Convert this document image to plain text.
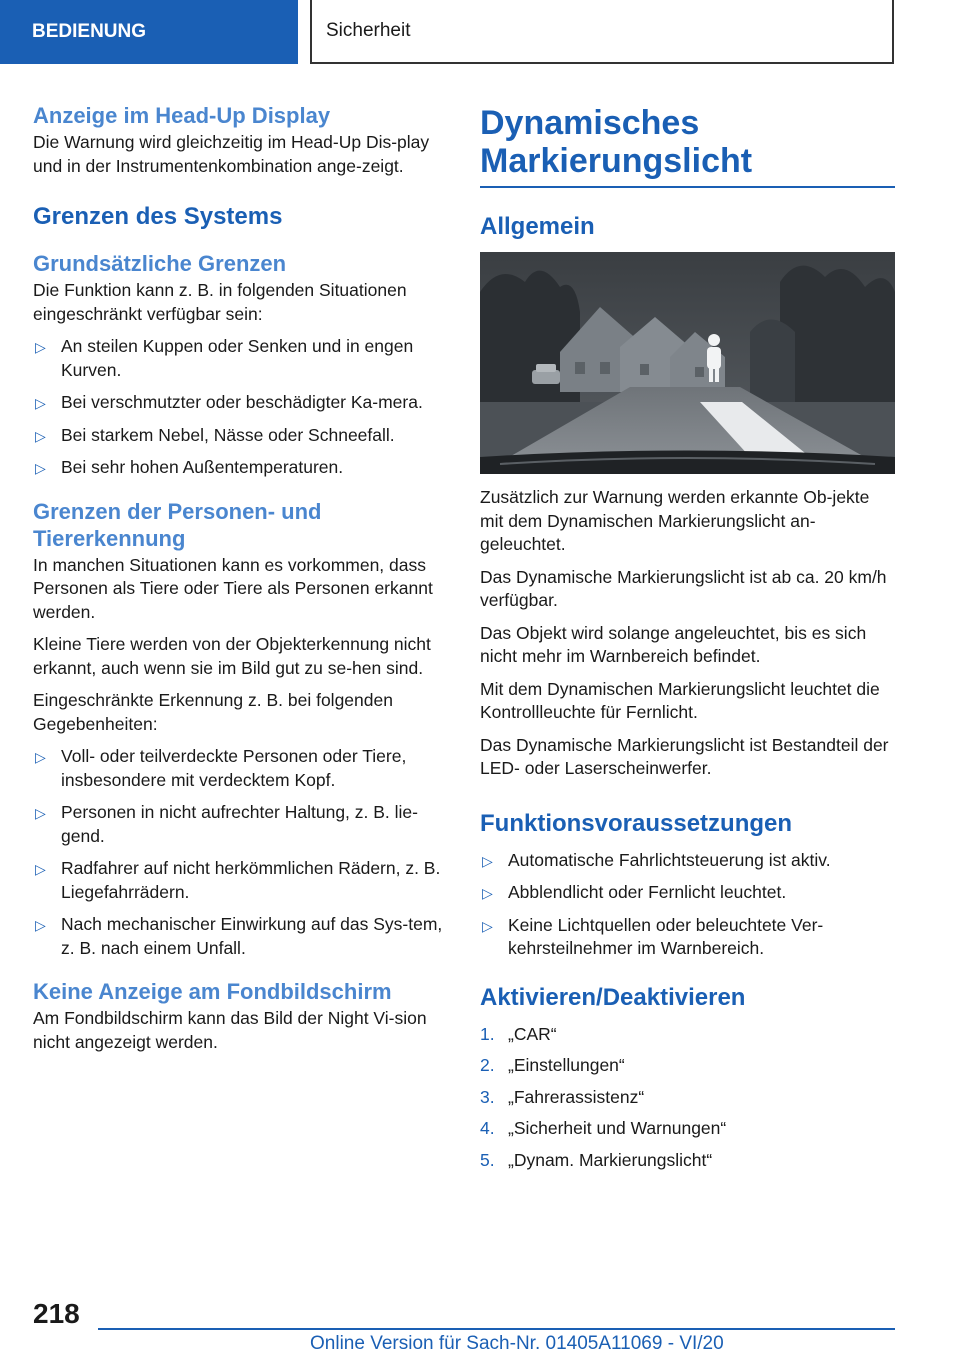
BEDIENUNG	Sicherheit
Anzeige im Head-Up Display

Die Warnung wird gleichzeitig im Head-Up Dis-play und in der Instrumentenkombination ange-zeigt.

Grenzen des Systems
Grundsätzliche Grenzen

Die Funktion kann z. B. in folgenden Situationen eingeschränkt verfügbar sein:

▷ An steilen Kuppen oder Senken und in engen Kurven.
▷ Bei verschmutzter oder beschädigter Ka-mera.
▷ Bei starkem Nebel, Nässe oder Schneefall.
▷ Bei sehr hohen Außentemperaturen.
Grenzen der Personen- und Tiererkennung

In manchen Situationen kann es vorkommen, dass Personen als Tiere oder Tiere als Personen erkannt werden.

Kleine Tiere werden von der Objekterkennung nicht erkannt, auch wenn sie im Bild gut zu se-hen sind.

Eingeschränkte Erkennung z. B. bei folgenden Gegebenheiten:

▷ Voll- oder teilverdeckte Personen oder Tiere, insbesondere mit verdecktem Kopf.
▷ Personen in nicht aufrechter Haltung, z. B. lie-gend.
▷ Radfahrer auf nicht herkömmlichen Rädern, z. B. Liegefahrrädern.
▷ Nach mechanischer Einwirkung auf das Sys-tem, z. B. nach einem Unfall.
Keine Anzeige am Fondbildschirm

Am Fondbildschirm kann das Bild der Night Vi-sion nicht angezeigt werden.

Dynamisches Markierungslicht
Allgemein

Zusätzlich zur Warnung werden erkannte Ob-jekte mit dem Dynamischen Markierungslicht an-geleuchtet.

Das Dynamische Markierungslicht ist ab ca. 20 km/h verfügbar.

Das Objekt wird solange angeleuchtet, bis es sich nicht mehr im Warnbereich befindet.

Mit dem Dynamischen Markierungslicht leuchtet die Kontrollleuchte für Fernlicht.

Das Dynamische Markierungslicht ist Bestandteil der LED- oder Laserscheinwerfer.

Funktionsvoraussetzungen
▷ Automatische Fahrlichtsteuerung ist aktiv.
▷ Abblendlicht oder Fernlicht leuchtet.
▷ Keine Lichtquellen oder beleuchtete Ver-kehrsteilnehmer im Warnbereich.
Aktivieren/Deaktivieren
1. „CAR“
2. „Einstellungen“
3. „Fahrerassistenz“
4. „Sicherheit und Warnungen“
5. „Dynam. Markierungslicht“
218
Online Version für Sach-Nr. 01405A11069 - VI/20
